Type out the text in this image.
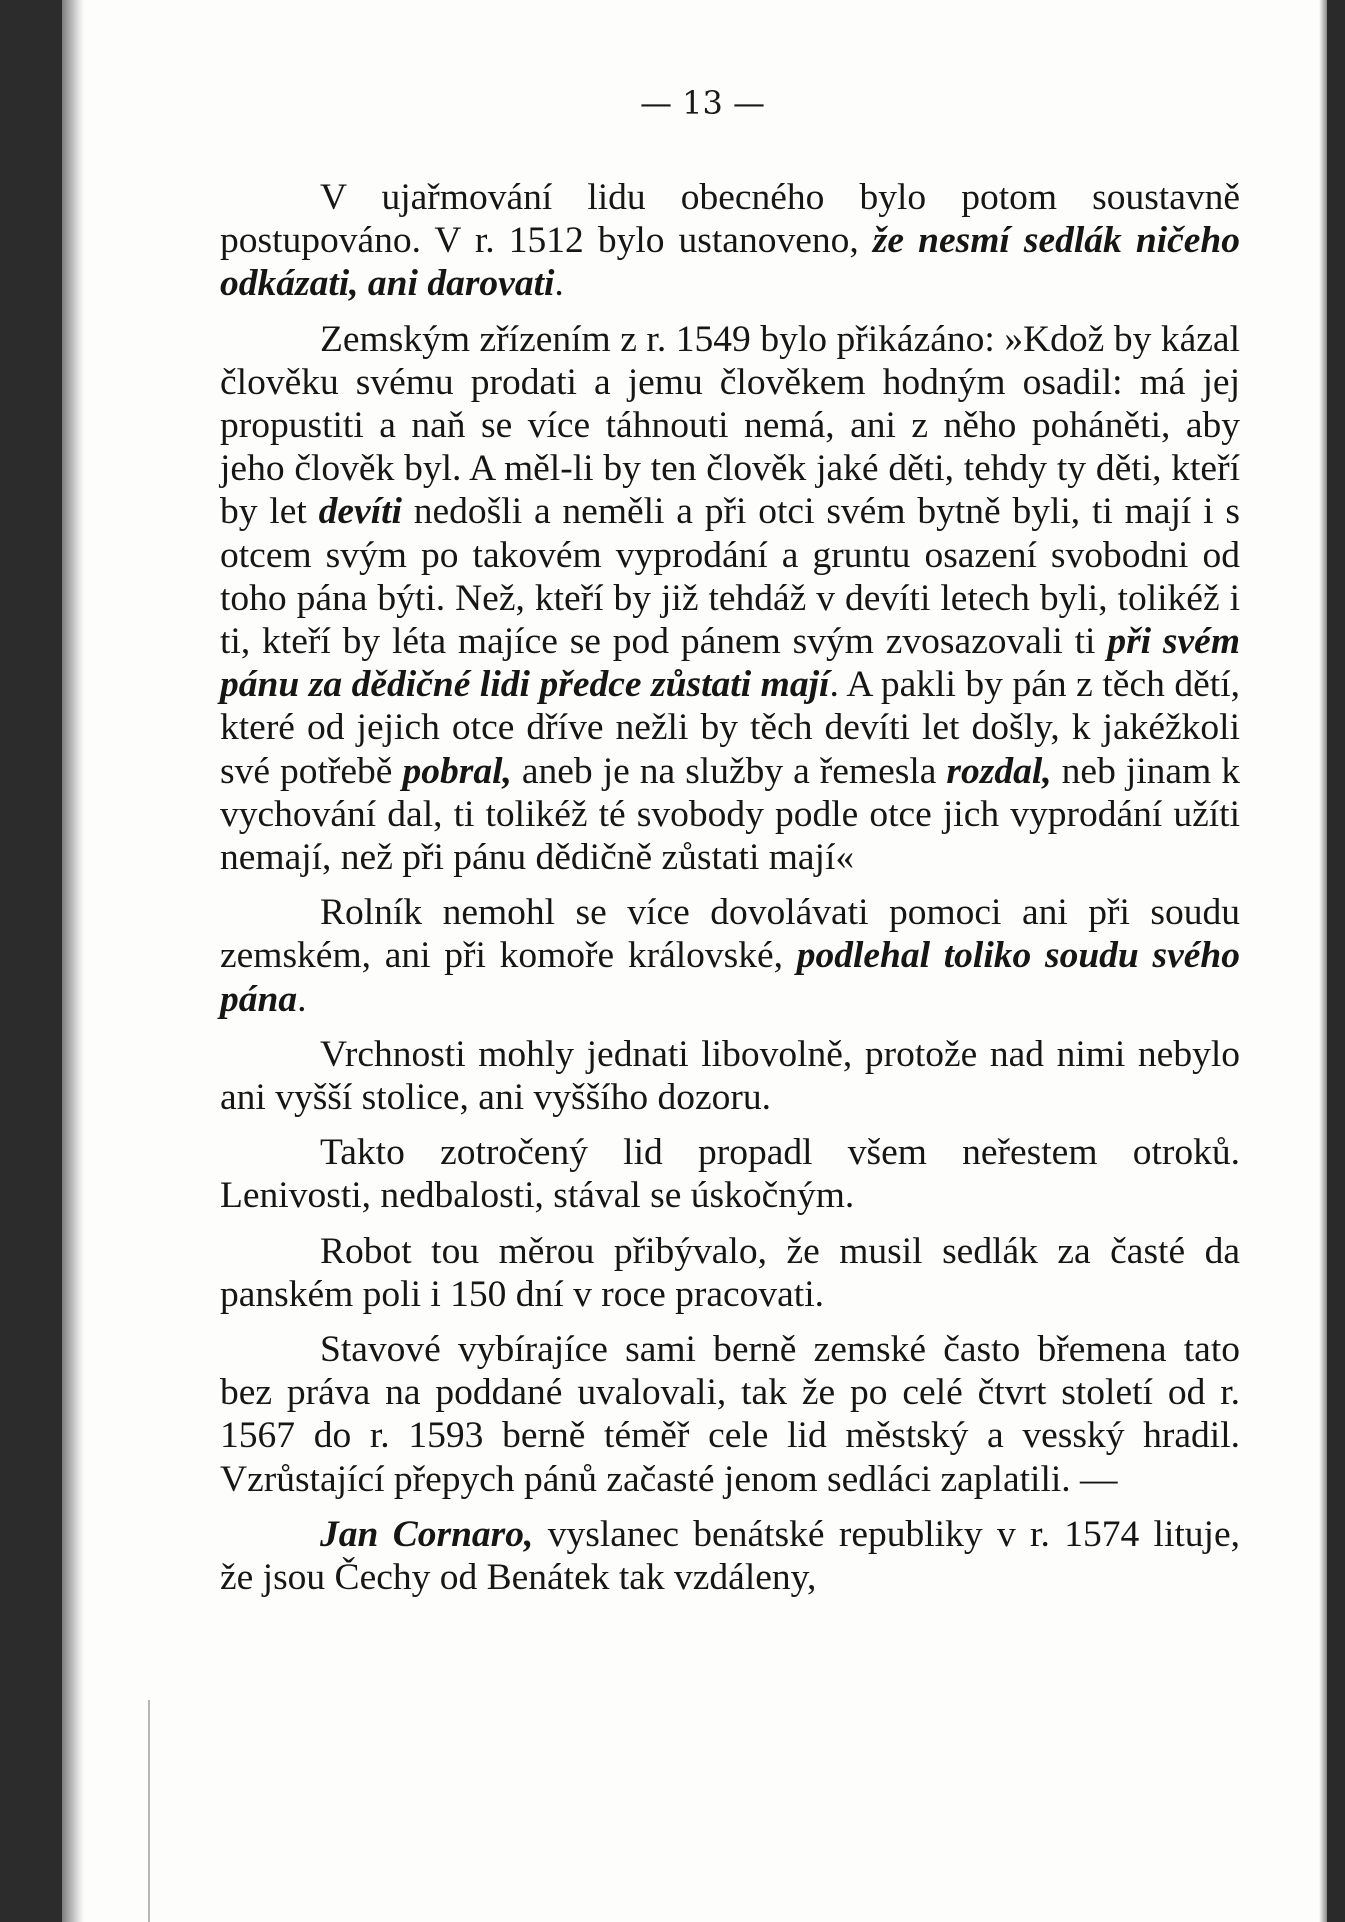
— 13 —

V ujařmování lidu obecného bylo potom soustavně postupováno. V r. 1512 bylo ustanoveno, že nesmí sedlák ničeho odkázati, ani darovati.

Zemským zřízením z r. 1549 bylo přikázáno: »Kdož by kázal člověku svému prodati a jemu člověkem hodným osadil: má jej propustiti a naň se více táhnouti nemá, ani z něho poháněti, aby jeho člověk byl. A měl-li by ten člověk jaké děti, tehdy ty děti, kteří by let devíti nedošli a neměli a při otci svém bytně byli, ti mají i s otcem svým po takovém vyprodání a gruntu osazení svobodni od toho pána býti. Než, kteří by již tehdáž v devíti letech byli, tolikéž i ti, kteří by léta majíce se pod pánem svým zvosazovali ti při svém pánu za dědičné lidi předce zůstati mají. A pakli by pán z těch dětí, které od jejich otce dříve nežli by těch devíti let došly, k jakéžkoli své potřebě pobral, aneb je na služby a řemesla rozdal, neb jinam k vychování dal, ti tolikéž té svobody podle otce jich vyprodání užíti nemají, než při pánu dědičně zůstati mají«

Rolník nemohl se více dovolávati pomoci ani při soudu zemském, ani při komoře královské, podlehal toliko soudu svého pána.

Vrchnosti mohly jednati libovolně, protože nad nimi nebylo ani vyšší stolice, ani vyššího dozoru.

Takto zotročený lid propadl všem neřestem otroků. Lenivosti, nedbalosti, stával se úskočným.

Robot tou měrou přibývalo, že musil sedlák za časté da panském poli i 150 dní v roce pracovati.

Stavové vybírajíce sami berně zemské často břemena tato bez práva na poddané uvalovali, tak že po celé čtvrt století od r. 1567 do r. 1593 berně téměř cele lid městský a vesský hradil. Vzrůstající přepych pánů začasté jenom sedláci zaplatili. —

Jan Cornaro, vyslanec benátské republiky v r. 1574 lituje, že jsou Čechy od Benátek tak vzdáleny,
